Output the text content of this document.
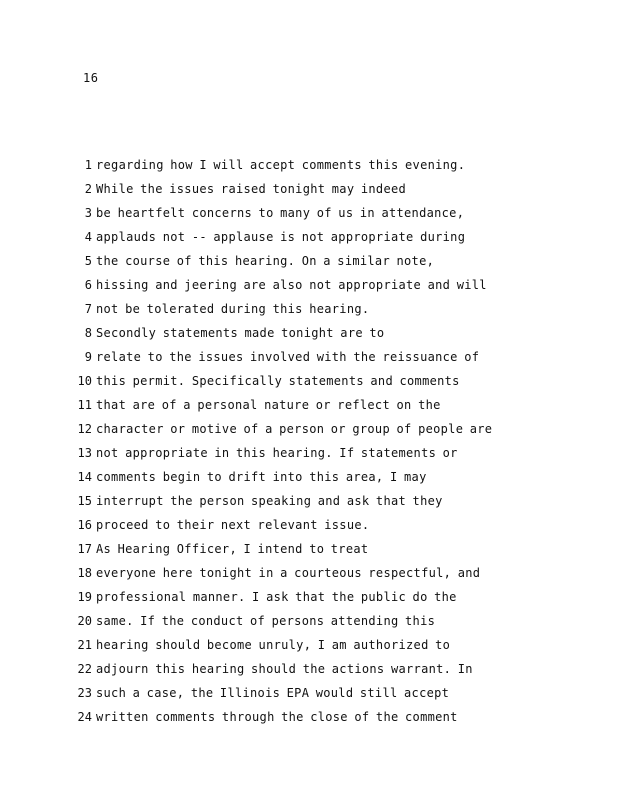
16
1 regarding how I will accept comments this evening.
2 While the issues raised tonight may indeed
3 be heartfelt concerns to many of us in attendance,
4 applauds not -- applause is not appropriate during
5 the course of this hearing. On a similar note,
6 hissing and jeering are also not appropriate and will
7 not be tolerated during this hearing.
8 Secondly statements made tonight are to
9 relate to the issues involved with the reissuance of
10 this permit. Specifically statements and comments
11 that are of a personal nature or reflect on the
12 character or motive of a person or group of people are
13 not appropriate in this hearing. If statements or
14 comments begin to drift into this area, I may
15 interrupt the person speaking and ask that they
16 proceed to their next relevant issue.
17 As Hearing Officer, I intend to treat
18 everyone here tonight in a courteous respectful, and
19 professional manner. I ask that the public do the
20 same. If the conduct of persons attending this
21 hearing should become unruly, I am authorized to
22 adjourn this hearing should the actions warrant. In
23 such a case, the Illinois EPA would still accept
24 written comments through the close of the comment
